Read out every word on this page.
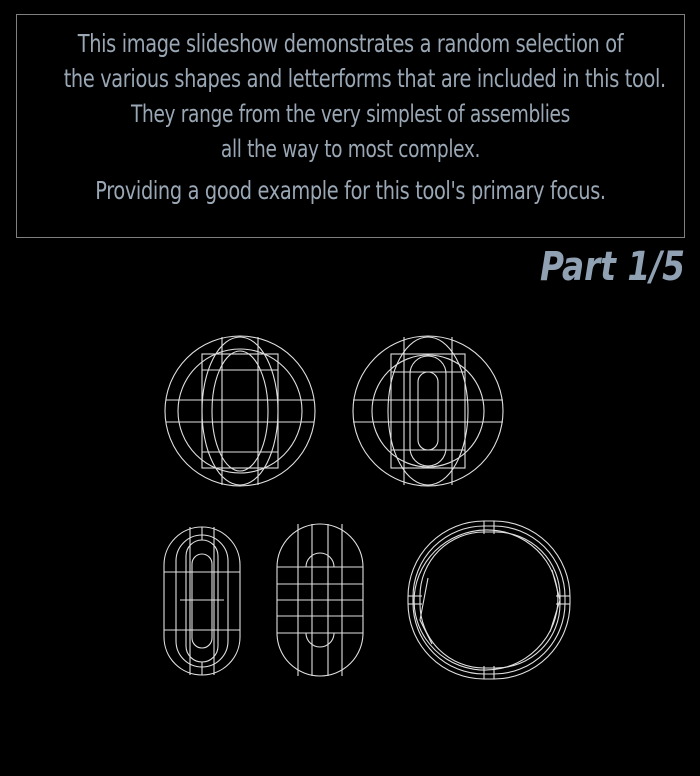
This image slideshow demonstrates a random selection of
the various shapes and letterforms that are included in this tool.
They range from the very simplest of assemblies
all the way to most complex.
Providing a good example for this tool's primary focus.
Part 1/5
